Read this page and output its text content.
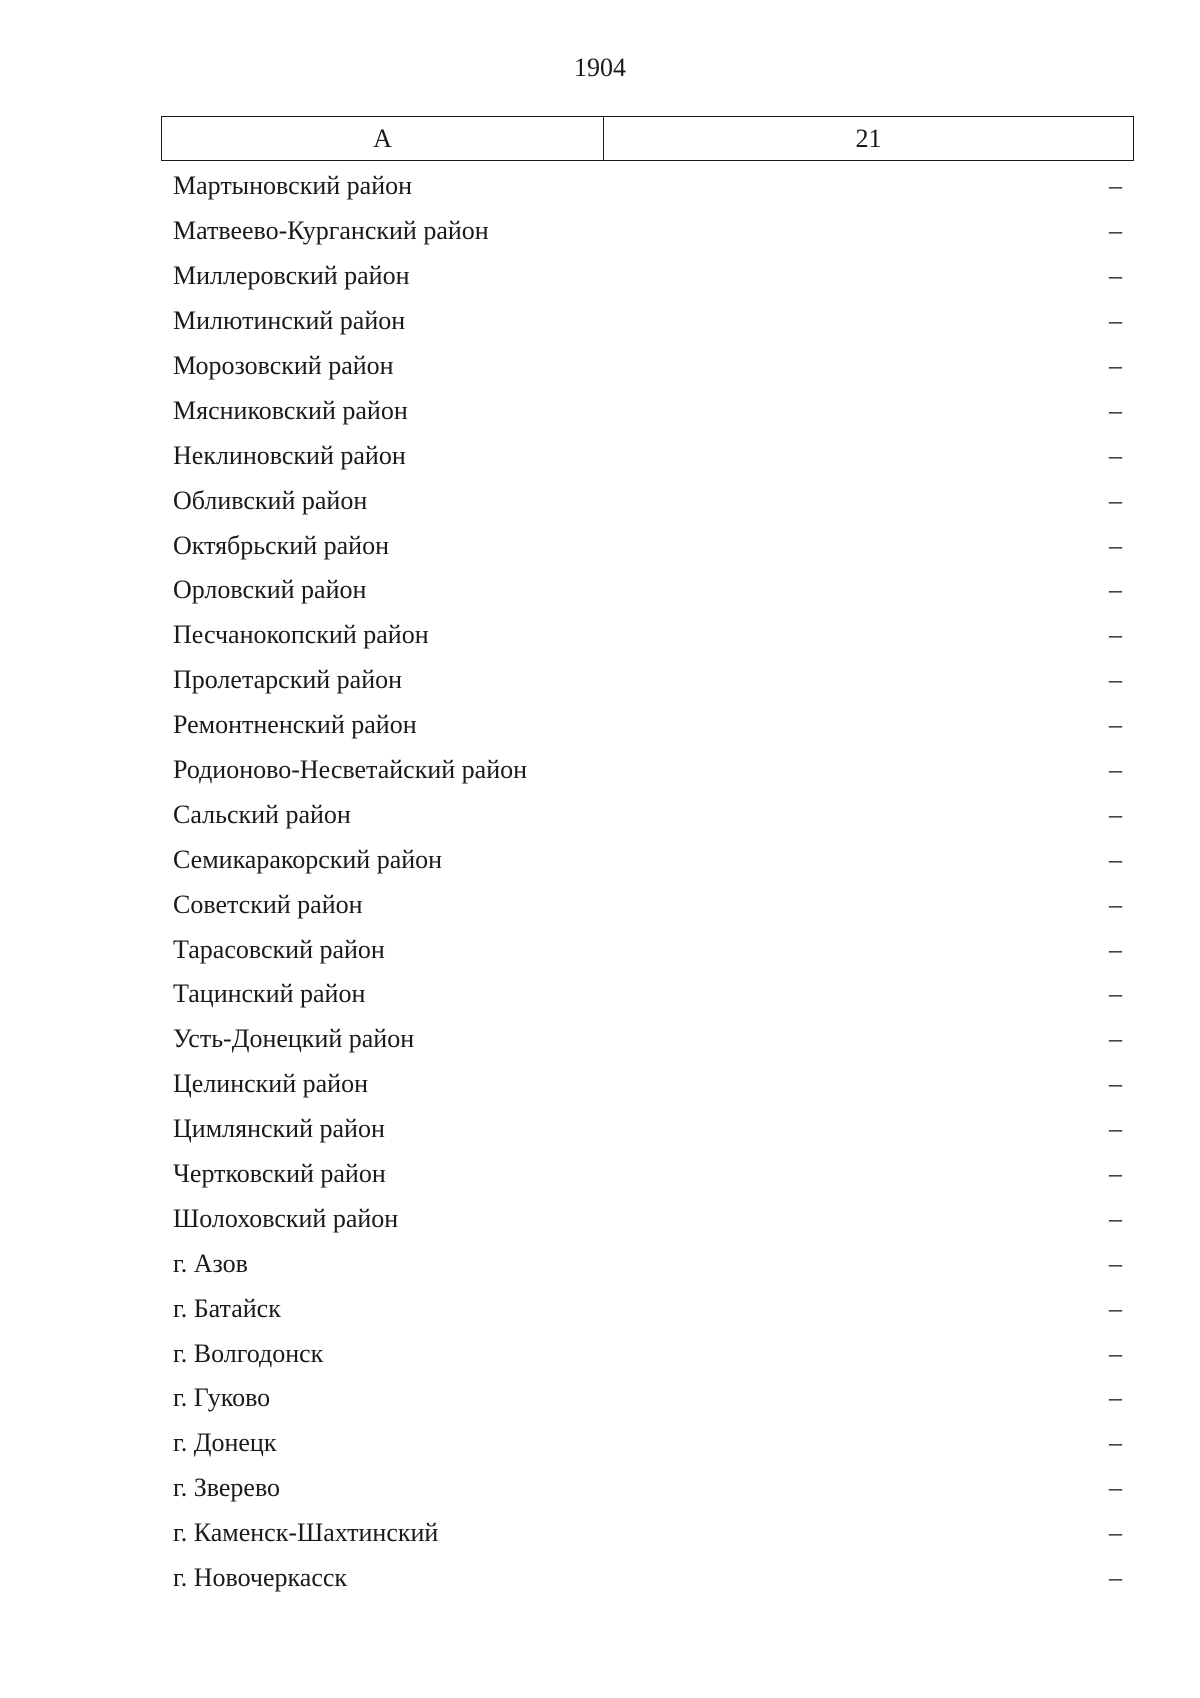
1904
А	21
Мартыновский район	–
Матвеево-Курганский район	–
Миллеровский район	–
Милютинский район	–
Морозовский район	–
Мясниковский район	–
Неклиновский район	–
Обливский район	–
Октябрьский район	–
Орловский район	–
Песчанокопский район	–
Пролетарский район	–
Ремонтненский район	–
Родионово-Несветайский район	–
Сальский район	–
Семикаракорский район	–
Советский район	–
Тарасовский район	–
Тацинский район	–
Усть-Донецкий район	–
Целинский район	–
Цимлянский район	–
Чертковский район	–
Шолоховский район	–
г. Азов	–
г. Батайск	–
г. Волгодонск	–
г. Гуково	–
г. Донецк	–
г. Зверево	–
г. Каменск-Шахтинский	–
г. Новочеркасск	–
